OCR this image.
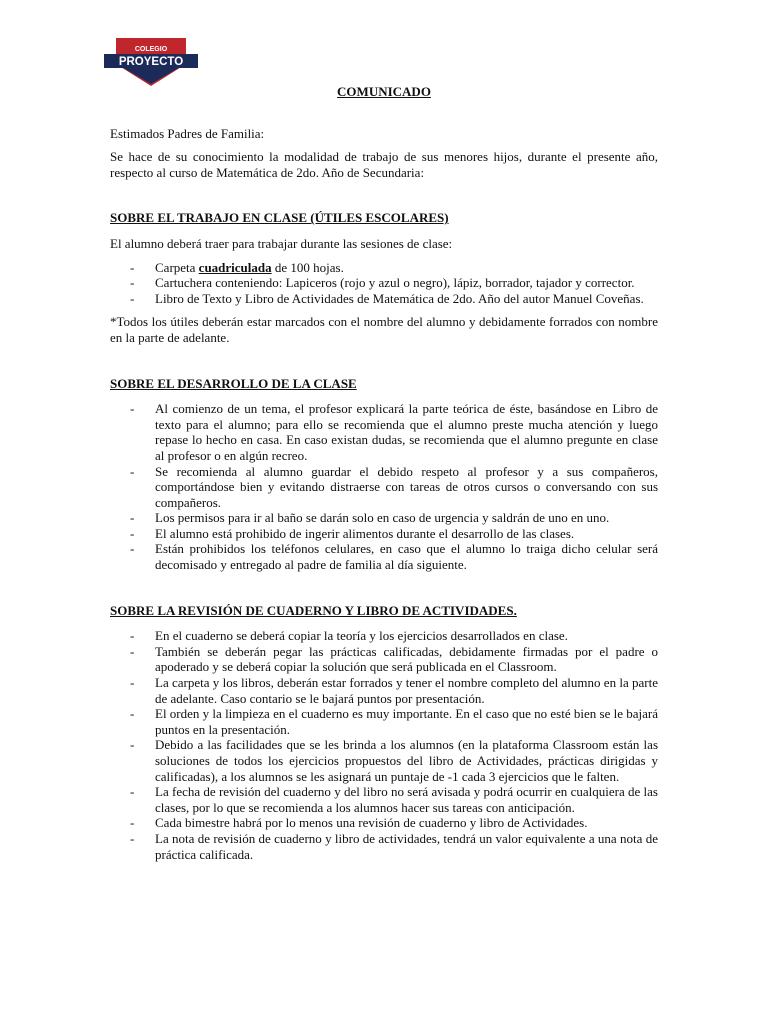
COLEGIO
PROYECTO
COMUNICADO

Estimados Padres de Familia:

Se hace de su conocimiento la modalidad de trabajo de sus menores hijos, durante el presente año, respecto al curso de Matemática de 2do. Año de Secundaria:

SOBRE EL TRABAJO EN CLASE (ÚTILES ESCOLARES)

El alumno deberá traer para trabajar durante las sesiones de clase:

- Carpeta cuadriculada de 100 hojas.
- Cartuchera conteniendo: Lapiceros (rojo y azul o negro), lápiz, borrador, tajador y corrector.
- Libro de Texto y Libro de Actividades de Matemática de 2do. Año del autor Manuel Coveñas.

*Todos los útiles deberán estar marcados con el nombre del alumno y debidamente forrados con nombre en la parte de adelante.

SOBRE EL DESARROLLO DE LA CLASE
- Al comienzo de un tema, el profesor explicará la parte teórica de éste, basándose en Libro de texto para el alumno; para ello se recomienda que el alumno preste mucha atención y luego repase lo hecho en casa. En caso existan dudas, se recomienda que el alumno pregunte en clase al profesor o en algún recreo.
- Se recomienda al alumno guardar el debido respeto al profesor y a sus compañeros, comportándose bien y evitando distraerse con tareas de otros cursos o conversando con sus compañeros.
- Los permisos para ir al baño se darán solo en caso de urgencia y saldrán de uno en uno.
- El alumno está prohibido de ingerir alimentos durante el desarrollo de las clases.
- Están prohibidos los teléfonos celulares, en caso que el alumno lo traiga dicho celular será decomisado y entregado al padre de familia al día siguiente.
SOBRE LA REVISIÓN DE CUADERNO Y LIBRO DE ACTIVIDADES.
- En el cuaderno se deberá copiar la teoría y los ejercicios desarrollados en clase.
- También se deberán pegar las prácticas calificadas, debidamente firmadas por el padre o apoderado y se deberá copiar la solución que será publicada en el Classroom.
- La carpeta y los libros, deberán estar forrados y tener el nombre completo del alumno en la parte de adelante. Caso contario se le bajará puntos por presentación.
- El orden y la limpieza en el cuaderno es muy importante. En el caso que no esté bien se le bajará puntos en la presentación.
- Debido a las facilidades que se les brinda a los alumnos (en la plataforma Classroom están las soluciones de todos los ejercicios propuestos del libro de Actividades, prácticas dirigidas y calificadas), a los alumnos se les asignará un puntaje de -1 cada 3 ejercicios que le falten.
- La fecha de revisión del cuaderno y del libro no será avisada y podrá ocurrir en cualquiera de las clases, por lo que se recomienda a los alumnos hacer sus tareas con anticipación.
- Cada bimestre habrá por lo menos una revisión de cuaderno y libro de Actividades.
- La nota de revisión de cuaderno y libro de actividades, tendrá un valor equivalente a una nota de práctica calificada.
